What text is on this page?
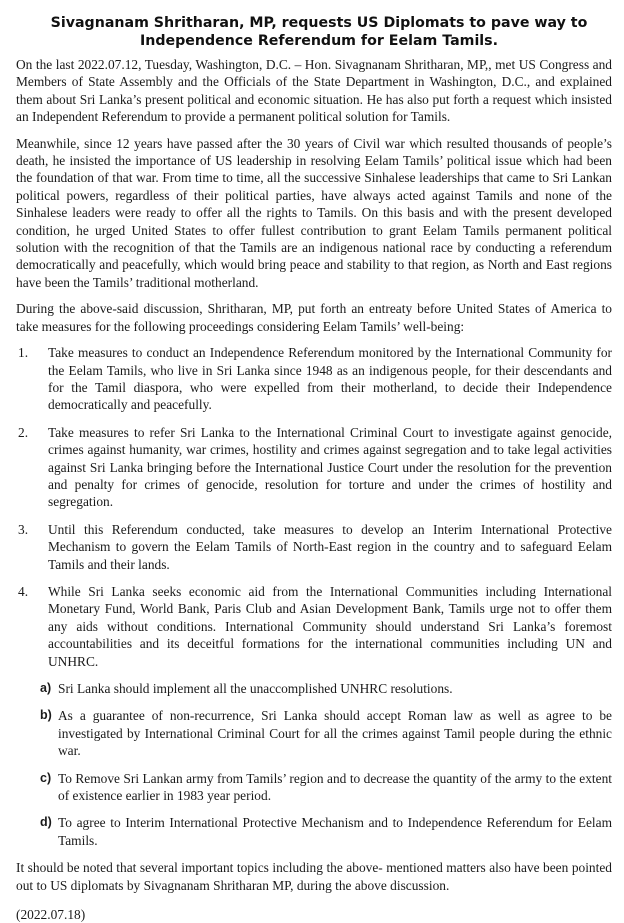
Sivagnanam Shritharan, MP, requests US Diplomats to pave way to
Independence Referendum for Eelam Tamils.

On the last 2022.07.12, Tuesday, Washington, D.C. – Hon. Sivagnanam Shritharan, MP,, met US Congress and Members of State Assembly and the Officials of the State Department in Washington, D.C., and explained them about Sri Lanka’s present political and economic situation. He has also put forth a request which insisted an Independent Referendum to provide a permanent political solution for Tamils.

Meanwhile, since 12 years have passed after the 30 years of Civil war which resulted thousands of people’s death, he insisted the importance of US leadership in resolving Eelam Tamils’ political issue which had been the foundation of that war. From time to time, all the successive Sinhalese leaderships that came to Sri Lankan political powers, regardless of their political parties, have always acted against Tamils and none of the Sinhalese leaders were ready to offer all the rights to Tamils. On this basis and with the present developed condition, he urged United States to offer fullest contribution to grant Eelam Tamils permanent political solution with the recognition of that the Tamils are an indigenous national race by conducting a referendum democratically and peacefully, which would bring peace and stability to that region, as North and East regions have been the Tamils’ traditional motherland.

During the above-said discussion, Shritharan, MP, put forth an entreaty before United States of America to take measures for the following proceedings considering Eelam Tamils’ well-being:

1.	Take measures to conduct an Independence Referendum monitored by the International Community for the Eelam Tamils, who live in Sri Lanka since 1948 as an indigenous people, for their descendants and for the Tamil diaspora, who were expelled from their motherland, to decide their Independence democratically and peacefully.
2.	Take measures to refer Sri Lanka to the International Criminal Court to investigate against genocide, crimes against humanity, war crimes, hostility and crimes against segregation and to take legal activities against Sri Lanka bringing before the International Justice Court under the resolution for the prevention and penalty for crimes of genocide, resolution for torture and under the crimes of hostility and segregation.
3.	Until this Referendum conducted, take measures to develop an Interim International Protective Mechanism to govern the Eelam Tamils of North-East region in the country and to safeguard Eelam Tamils and their lands.
4.	While Sri Lanka seeks economic aid from the International Communities including International Monetary Fund, World Bank, Paris Club and Asian Development Bank, Tamils urge not to offer them any aids without conditions. International Community should understand Sri Lanka’s foremost accountabilities and its deceitful formations for the international communities including UN and UNHRC.
a) Sri Lanka should implement all the unaccomplished UNHRC resolutions.
b) As a guarantee of non-recurrence, Sri Lanka should accept Roman law as well as agree to be investigated by International Criminal Court for all the crimes against Tamil people during the ethnic war.
c) To Remove Sri Lankan army from Tamils’ region and to decrease the quantity of the army to the extent of existence earlier in 1983 year period.
d) To agree to Interim International Protective Mechanism and to Independence Referendum for Eelam Tamils.

It should be noted that several important topics including the above- mentioned matters also have been pointed out to US diplomats by Sivagnanam Shritharan MP, during the above discussion.

(2022.07.18)
